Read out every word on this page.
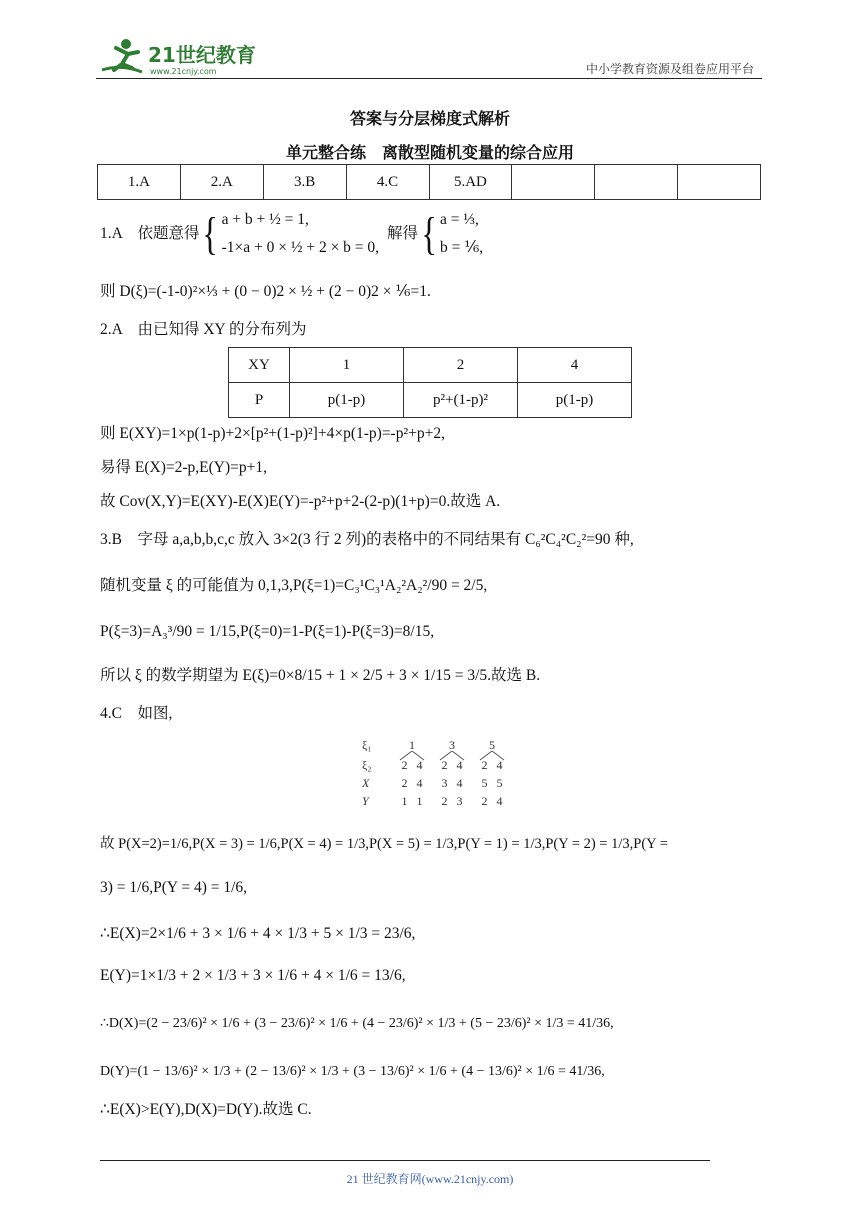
21世纪教育
www.21cnjy.com	中小学教育资源及组卷应用平台
答案与分层梯度式解析
单元整合练　离散型随机变量的综合应用
1.A	2.A	3.B	4.C	5.AD			
1.A　依题意得{ a + b + ½ = 1,
-1×a + 0 × ½ + 2 × b = 0,
解得{ a = ⅓,
b = ⅙,
则 D(ξ)=(-1-0)²×⅓ + (0 − 0)2 × ½ + (2 − 0)2 × ⅙=1.
2.A　由已知得 XY 的分布列为
XY	1	2	4
P	p(1-p)	p²+(1-p)²	p(1-p)
则 E(XY)=1×p(1-p)+2×[p²+(1-p)²]+4×p(1-p)=-p²+p+2,
易得 E(X)=2-p,E(Y)=p+1,
故 Cov(X,Y)=E(XY)-E(X)E(Y)=-p²+p+2-(2-p)(1+p)=0.故选 A.
3.B　字母 a,a,b,b,c,c 放入 3×2(3 行 2 列)的表格中的不同结果有 C₆²C₄²C₂²=90 种,
随机变量 ξ 的可能值为 0,1,3,P(ξ=1)=C₃¹C₃¹A₂²A₂²/90 = 2/5,
P(ξ=3)=A₃³/90 = 1/15,P(ξ=0)=1-P(ξ=1)-P(ξ=3)=8/15,
所以 ξ 的数学期望为 E(ξ)=0×8/15 + 1 × 2/5 + 3 × 1/15 = 3/5.故选 B.
4.C　如图,
ξ₁	1	3	5
ξ₂ 2 4 2 4 2 4
X	2 4 3 4 5 5
Y	1 1 2 3 2 4
故 P(X=2)=1/6,P(X = 3) = 1/6,P(X = 4) = 1/3,P(X = 5) = 1/3,P(Y = 1) = 1/3,P(Y = 2) = 1/3,P(Y =
3) = 1/6,P(Y = 4) = 1/6,
∴E(X)=2×1/6 + 3 × 1/6 + 4 × 1/3 + 5 × 1/3 = 23/6,
E(Y)=1×1/3 + 2 × 1/3 + 3 × 1/6 + 4 × 1/6 = 13/6,
∴D(X)=(2 − 23/6)² × 1/6 + (3 − 23/6)² × 1/6 + (4 − 23/6)² × 1/3 + (5 − 23/6)² × 1/3 = 41/36,
D(Y)=(1 − 13/6)² × 1/3 + (2 − 13/6)² × 1/3 + (3 − 13/6)² × 1/6 + (4 − 13/6)² × 1/6 = 41/36,
∴E(X)>E(Y),D(X)=D(Y).故选 C.
21 世纪教育网(www.21cnjy.com)
